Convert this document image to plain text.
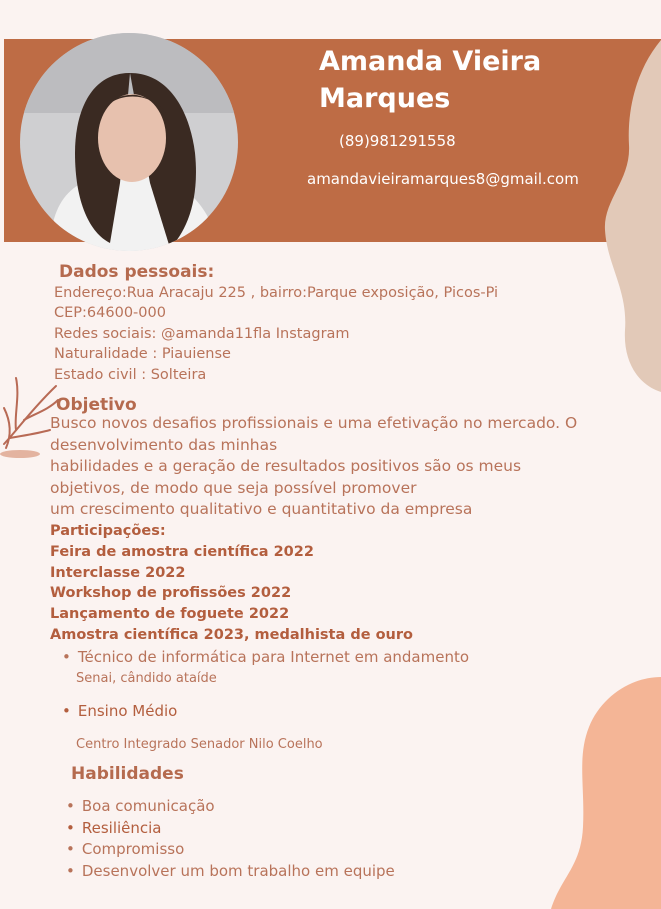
Amanda Vieira
Marques
(89)981291558
amandavieiramarques8@gmail.com
Dados pessoais:
Endereço:Rua Aracaju 225 , bairro:Parque exposição, Picos-Pi
CEP:64600-000
Redes sociais: @amanda11fla Instagram
Naturalidade : Piauiense
Estado civil : Solteira
Objetivo
Busco novos desafios profissionais e uma efetivação no mercado. O
desenvolvimento das minhas
habilidades e a geração de resultados positivos são os meus
objetivos, de modo que seja possível promover
um crescimento qualitativo e quantitativo da empresa
Participações:
Feira de amostra científica 2022
Interclasse 2022
Workshop de profissões 2022
Lançamento de foguete 2022
Amostra científica 2023, medalhista de ouro
• Técnico de informática para Internet em andamento
Senai, cândido ataíde
• Ensino Médio
Centro Integrado Senador Nilo Coelho
Habilidades
• Boa comunicação
• Resiliência
• Compromisso
• Desenvolver um bom trabalho em equipe
